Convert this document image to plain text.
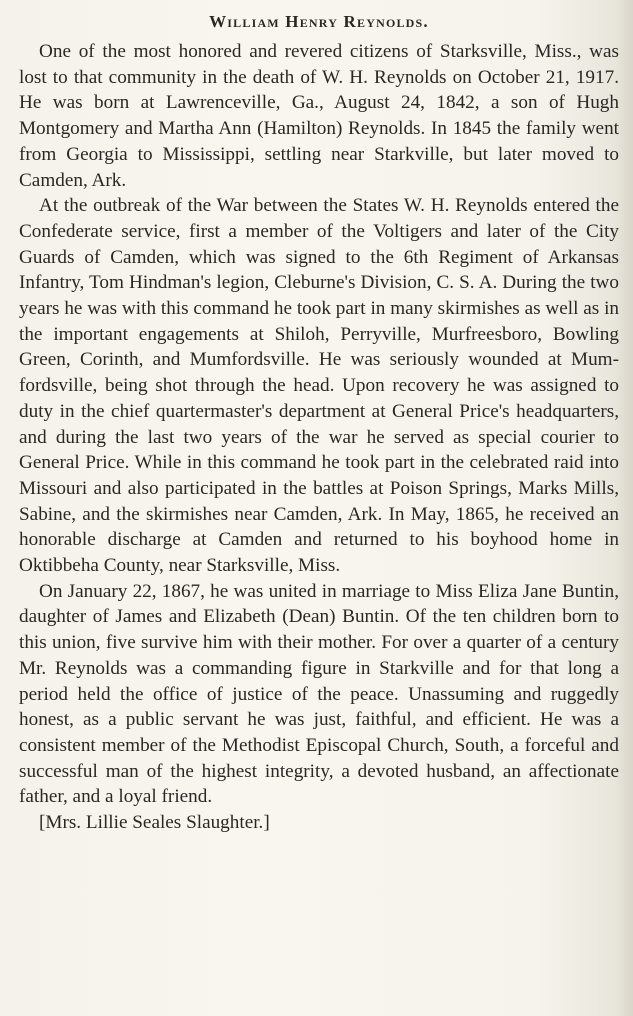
William Henry Reynolds.

One of the most honored and revered citizens of Starksville, Miss., was lost to that community in the death of W. H. Reynolds on October 21, 1917. He was born at Lawrenceville, Ga., August 24, 1842, a son of Hugh Montgomery and Martha Ann (Hamilton) Reynolds. In 1845 the family went from Georgia to Mississippi, settling near Starkville, but later moved to Camden, Ark.

At the outbreak of the War between the States W. H. Reynolds entered the Confederate service, first a member of the Voltigers and later of the City Guards of Camden, which was signed to the 6th Regiment of Arkansas Infantry, Tom Hindman's legion, Cleburne's Division, C. S. A. During the two years he was with this command he took part in many skirmishes as well as in the important engagements at Shiloh, Perryville, Murfreesboro, Bowling Green, Corinth, and Mumfordsville. He was seriously wounded at Mumfordsville, being shot through the head. Upon recovery he was assigned to duty in the chief quartermaster's department at General Price's headquarters, and during the last two years of the war he served as special courier to General Price. While in this command he took part in the celebrated raid into Missouri and also participated in the battles at Poison Springs, Marks Mills, Sabine, and the skirmishes near Camden, Ark. In May, 1865, he received an honorable discharge at Camden and returned to his boyhood home in Oktibbeha County, near Starksville, Miss.

On January 22, 1867, he was united in marriage to Miss Eliza Jane Buntin, daughter of James and Elizabeth (Dean) Buntin. Of the ten children born to this union, five survive him with their mother. For over a quarter of a century Mr. Reynolds was a commanding figure in Starkville and for that long a period held the office of justice of the peace. Unassuming and ruggedly honest, as a public servant he was just, faithful, and efficient. He was a consistent member of the Methodist Episcopal Church, South, a forceful and successful man of the highest integrity, a devoted husband, an affectionate father, and a loyal friend.

[Mrs. Lillie Seales Slaughter.]
